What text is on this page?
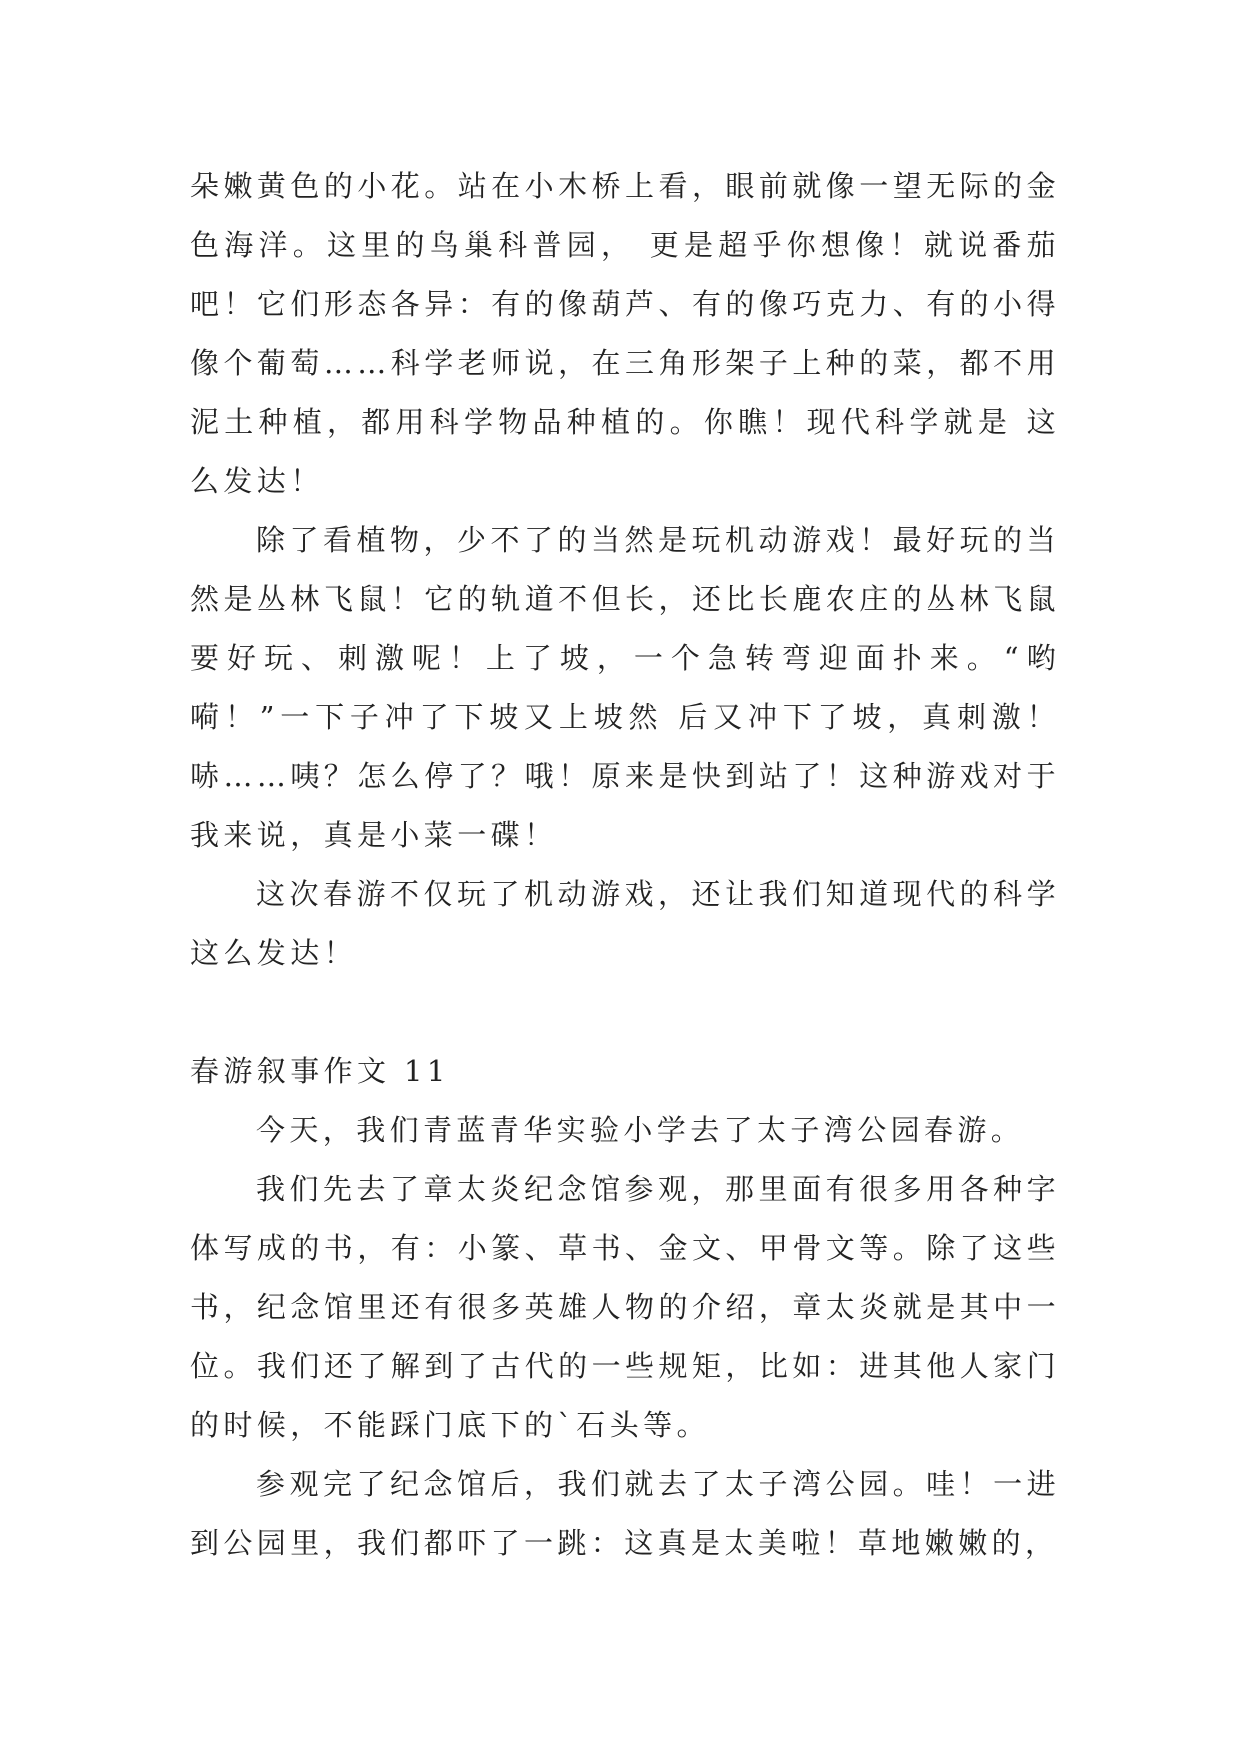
朵嫩黄色的小花。站在小木桥上看，眼前就像一望无际的金色海洋。这里的鸟巢科普园， 更是超乎你想像！就说番茄吧！它们形态各异：有的像葫芦、有的像巧克力、有的小得像个葡萄……科学老师说，在三角形架子上种的菜，都不用泥土种植，都用科学物品种植的。你瞧！现代科学就是 这么发达！

除了看植物，少不了的当然是玩机动游戏！最好玩的当然是丛林飞鼠！它的轨道不但长，还比长鹿农庄的丛林飞鼠要好玩、刺激呢！上了坡，一个急转弯迎面扑来。“哟嗬！”一下子冲了下坡又上坡然 后又冲下了坡，真刺激！哧……咦？怎么停了？哦！原来是快到站了！这种游戏对于我来说，真是小菜一碟！

这次春游不仅玩了机动游戏，还让我们知道现代的科学这么发达！

春游叙事作文 11

今天，我们青蓝青华实验小学去了太子湾公园春游。

我们先去了章太炎纪念馆参观，那里面有很多用各种字体写成的书，有：小篆、草书、金文、甲骨文等。除了这些书，纪念馆里还有很多英雄人物的介绍，章太炎就是其中一位。我们还了解到了古代的一些规矩，比如：进其他人家门的时候，不能踩门底下的`石头等。

参观完了纪念馆后，我们就去了太子湾公园。哇！一进到公园里，我们都吓了一跳：这真是太美啦！草地嫩嫩的，
